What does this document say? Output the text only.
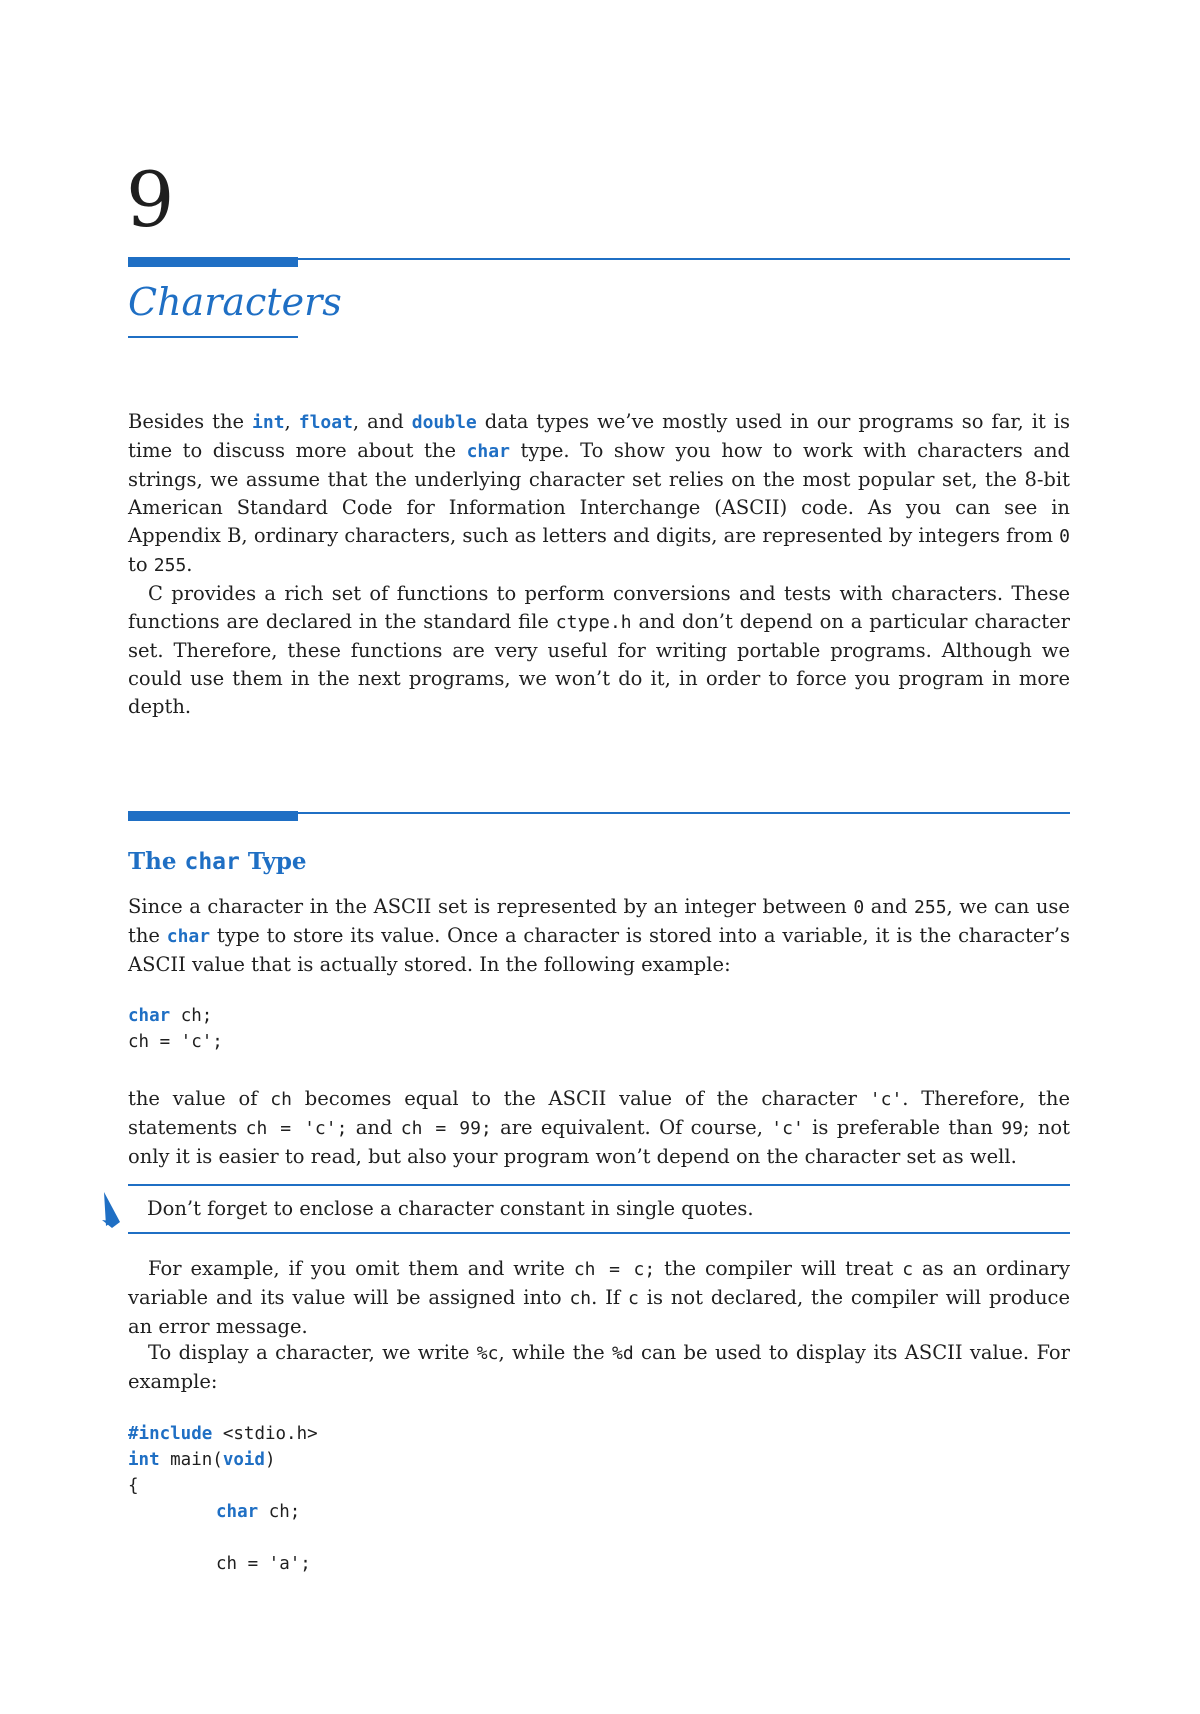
9
Characters

Besides the int, float, and double data types we’ve mostly used in our programs so far, it is time to discuss more about the char type. To show you how to work with characters and strings, we assume that the underlying character set relies on the most popular set, the 8-bit American Standard Code for Information Interchange (ASCII) code. As you can see in Appendix B, ordinary characters, such as letters and digits, are represented by integers from 0 to 255.

C provides a rich set of functions to perform conversions and tests with characters. These functions are declared in the standard file ctype.h and don’t depend on a particular character set. Therefore, these functions are very useful for writing portable programs. Although we could use them in the next programs, we won’t do it, in order to force you program in more depth.

The char Type

Since a character in the ASCII set is represented by an integer between 0 and 255, we can use the char type to store its value. Once a character is stored into a variable, it is the character’s ASCII value that is actually stored. In the following example:

char ch;
ch = 'c';

the value of ch becomes equal to the ASCII value of the character 'c'. Therefore, the statements ch = 'c'; and ch = 99; are equivalent. Of course, 'c' is preferable than 99; not only it is easier to read, but also your program won’t depend on the character set as well.

Don’t forget to enclose a character constant in single quotes.

For example, if you omit them and write ch = c; the compiler will treat c as an ordinary variable and its value will be assigned into ch. If c is not declared, the compiler will produce an error message.

To display a character, we write %c, while the %d can be used to display its ASCII value. For example:

#include <stdio.h>
int main(void)
{
char ch;

ch = 'a';
